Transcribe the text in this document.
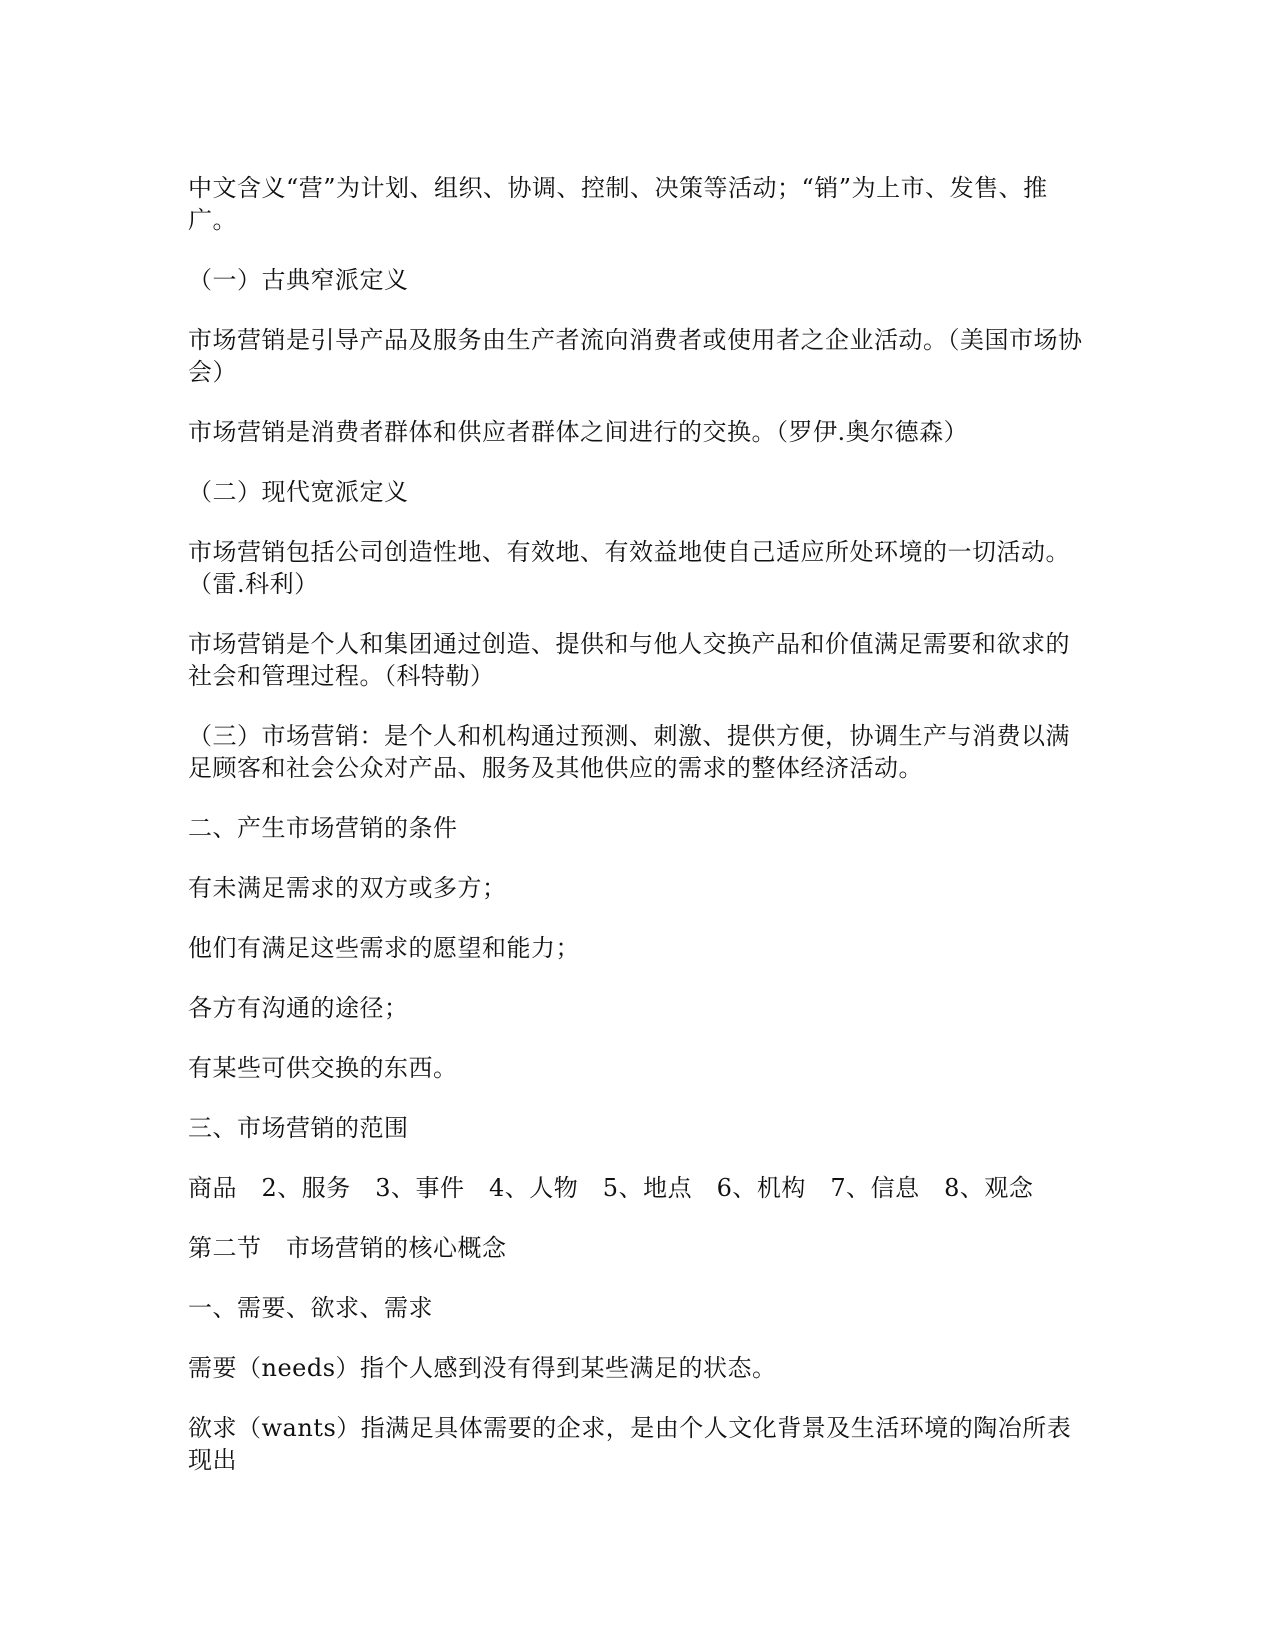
中文含义“营”为计划、组织、协调、控制、决策等活动；“销”为上市、发售、推广。

（一）古典窄派定义

市场营销是引导产品及服务由生产者流向消费者或使用者之企业活动。（美国市场协会）

市场营销是消费者群体和供应者群体之间进行的交换。（罗伊.奥尔德森）

（二）现代宽派定义

市场营销包括公司创造性地、有效地、有效益地使自己适应所处环境的一切活动。（雷.科利）

市场营销是个人和集团通过创造、提供和与他人交换产品和价值满足需要和欲求的社会和管理过程。（科特勒）

（三）市场营销：是个人和机构通过预测、刺激、提供方便，协调生产与消费以满足顾客和社会公众对产品、服务及其他供应的需求的整体经济活动。

二、产生市场营销的条件

有未满足需求的双方或多方；

他们有满足这些需求的愿望和能力；

各方有沟通的途径；

有某些可供交换的东西。

三、市场营销的范围

商品　2、服务　3、事件　4、人物　5、地点　6、机构　7、信息　8、观念

第二节　市场营销的核心概念

一、需要、欲求、需求

需要（needs）指个人感到没有得到某些满足的状态。

欲求（wants）指满足具体需要的企求，是由个人文化背景及生活环境的陶冶所表现出
